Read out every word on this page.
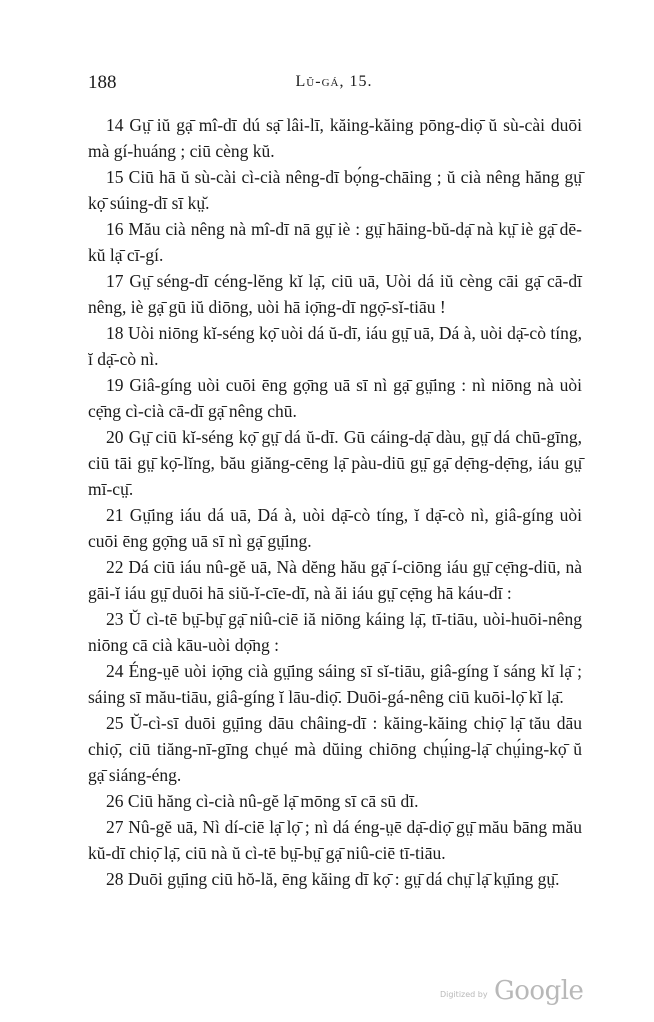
188	Lŭ-gá, 15.

14 Gṳ̄ iŭ gạ̄ mî-dī dú sạ̄ lâi-lī, kăing-kăing pōng-diọ̄ ŭ sù-cài duōi mà gí-huáng ; ciū cèng kŭ.

15 Ciū hā ŭ sù-cài cì-cià nêng-dī bọ́ng-chāing ; ŭ cià nêng hăng gṳ̄ kọ̄ súing-dī sī kṳ̆.

16 Mău cià nêng nà mî-dī nā gṳ̄ iè : gṳ̄ hāing-bŭ-dạ̄ nà kṳ̄ iè gạ̄ dē-kŭ lạ̄ cī-gí.

17 Gṳ̄ séng-dī céng-lĕng kĭ lạ̄, ciū uā, Uòi dá iŭ cèng cāi gạ̄ cā-dī nêng, iè gạ̄ gū iŭ diōng, uòi hā iọ̄ng-dī ngọ̄-sĭ-tiāu !

18 Uòi niōng kĭ-séng kọ̄ uòi dá ŭ-dī, iáu gṳ̄ uā, Dá à, uòi dạ̄-cò tíng, ĭ dạ̄-cò nì.

19 Giâ-gíng uòi cuōi ēng gọ̄ng uā sī nì gạ̄ gṳ̄ing : nì niōng nà uòi cẹ̄ng cì-cià cā-dī gạ̄ nêng chū.

20 Gṳ̄ ciū kĭ-séng kọ̄ gṳ̄ dá ŭ-dī. Gū cáing-dạ̄ dàu, gṳ̄ dá chū-gīng, ciū tāi gṳ̄ kọ̄-lĭng, bău giăng-cēng lạ̄ pàu-diū gṳ̄ gạ̄ dẹ̄ng-dẹ̄ng, iáu gṳ̄ mī-cṳ̄.

21 Gṳ̄ing iáu dá uā, Dá à, uòi dạ̄-cò tíng, ĭ dạ̄-cò nì, giâ-gíng uòi cuōi ēng gọ̄ng uā sī nì gạ̄ gṳ̄ing.

22 Dá ciū iáu nû-gĕ uā, Nà dĕng hău gạ̄ í-ciōng iáu gṳ̄ cẹ̄ng-diū, nà gāi-ĭ iáu gṳ̄ duōi hā siŭ-ĭ-cīe-dī, nà ăi iáu gṳ̄ cẹ̄ng hā káu-dī :

23 Ŭ cì-tē bṳ̄-bṳ̄ gạ̄ niû-ciē iă niōng káing lạ̄, tī-tiāu, uòi-huōi-nêng niōng cā cià kāu-uòi dọ̄ng :

24 Éng-ṳē uòi iọ̄ng cià gṳ̄ing sáing sī sĭ-tiāu, giâ-gíng ĭ sáng kĭ lạ̄ ; sáing sī mău-tiāu, giâ-gíng ĭ lāu-diọ̄. Duōi-gá-nêng ciū kuōi-lọ̄ kĭ lạ̄.

25 Ŭ-cì-sī duōi gṳ̄ing dāu châing-dī : kăing-kăing chiọ̄ lạ̄ tău dāu chiọ̄, ciū tiăng-nī-gīng chṳé mà dŭing chiōng chṳ́ing-lạ̄ chṳ́ing-kọ̄ ŭ gạ̄ siáng-éng.

26 Ciū hăng cì-cià nû-gĕ lạ̄ mōng sī cā sū dī.

27 Nû-gĕ uā, Nì dí-ciē lạ̄ lọ̄ ; nì dá éng-ṳē dạ̄-diọ̄ gṳ̄ mău bāng mău kŭ-dī chiọ̄ lạ̄, ciū nà ŭ cì-tē bṳ̄-bṳ̄ gạ̄ niû-ciē tī-tiāu.

28 Duōi gṳ̄ing ciū hŏ-lă, ēng kăing dī kọ̄ : gṳ̄ dá chṳ̄ lạ̄ kṳ̄ing gṳ̄.

Digitized by Google
